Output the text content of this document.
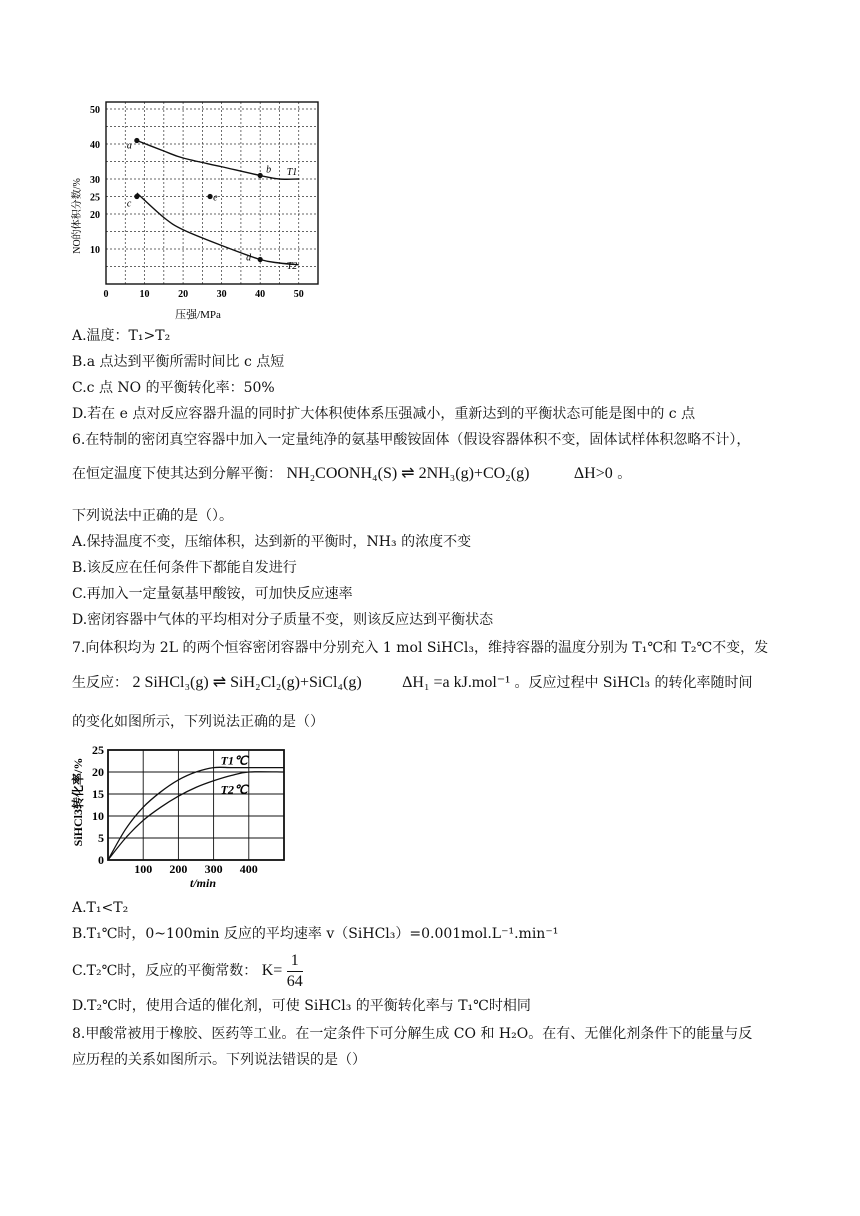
T1
T2
a
b
c
d
e
0	10	20	30	40	50
10
20
25
30
40
50
压强/MPa
NO的体积分数/%
A.温度：T₁>T₂
B.a 点达到平衡所需时间比 c 点短
C.c 点 NO 的平衡转化率：50%
D.若在 e 点对反应容器升温的同时扩大体积使体系压强减小，重新达到的平衡状态可能是图中的 c 点
6.在特制的密闭真空容器中加入一定量纯净的氨基甲酸铵固体（假设容器体积不变，固体试样体积忽略不计），
在恒定温度下使其达到分解平衡： NH₂COONH₄(S) ⇌ 2NH₃(g)+CO₂(g)	ΔH>0 。
下列说法中正确的是（）。
A.保持温度不变，压缩体积，达到新的平衡时，NH₃ 的浓度不变
B.该反应在任何条件下都能自发进行
C.再加入一定量氨基甲酸铵，可加快反应速率
D.密闭容器中气体的平均相对分子质量不变，则该反应达到平衡状态
7.向体积均为 2L 的两个恒容密闭容器中分别充入 1 mol SiHCl₃，维持容器的温度分别为 T₁℃和 T₂℃不变，发
生反应： 2 SiHCl₃(g) ⇌ SiH₂Cl₂(g)+SiCl₄(g)	ΔH₁ =a kJ.mol⁻¹ 。反应过程中 SiHCl₃ 的转化率随时间
的变化如图所示，下列说法正确的是（）
T1℃
T2℃
100 200 300 400
0
5
10
15
20
25
t/min
SiHCl3转化率/%
A.T₁<T₂
B.T₁℃时，0~100min 反应的平均速率 v（SiHCl₃）=0.001mol.L⁻¹.min⁻¹
C.T₂℃时，反应的平衡常数： $K= \frac{1}{64}$
D.T₂℃时，使用合适的催化剂，可使 SiHCl₃ 的平衡转化率与 T₁℃时相同
8.甲酸常被用于橡胶、医药等工业。在一定条件下可分解生成 CO 和 H₂O。在有、无催化剂条件下的能量与反
应历程的关系如图所示。下列说法错误的是（）
